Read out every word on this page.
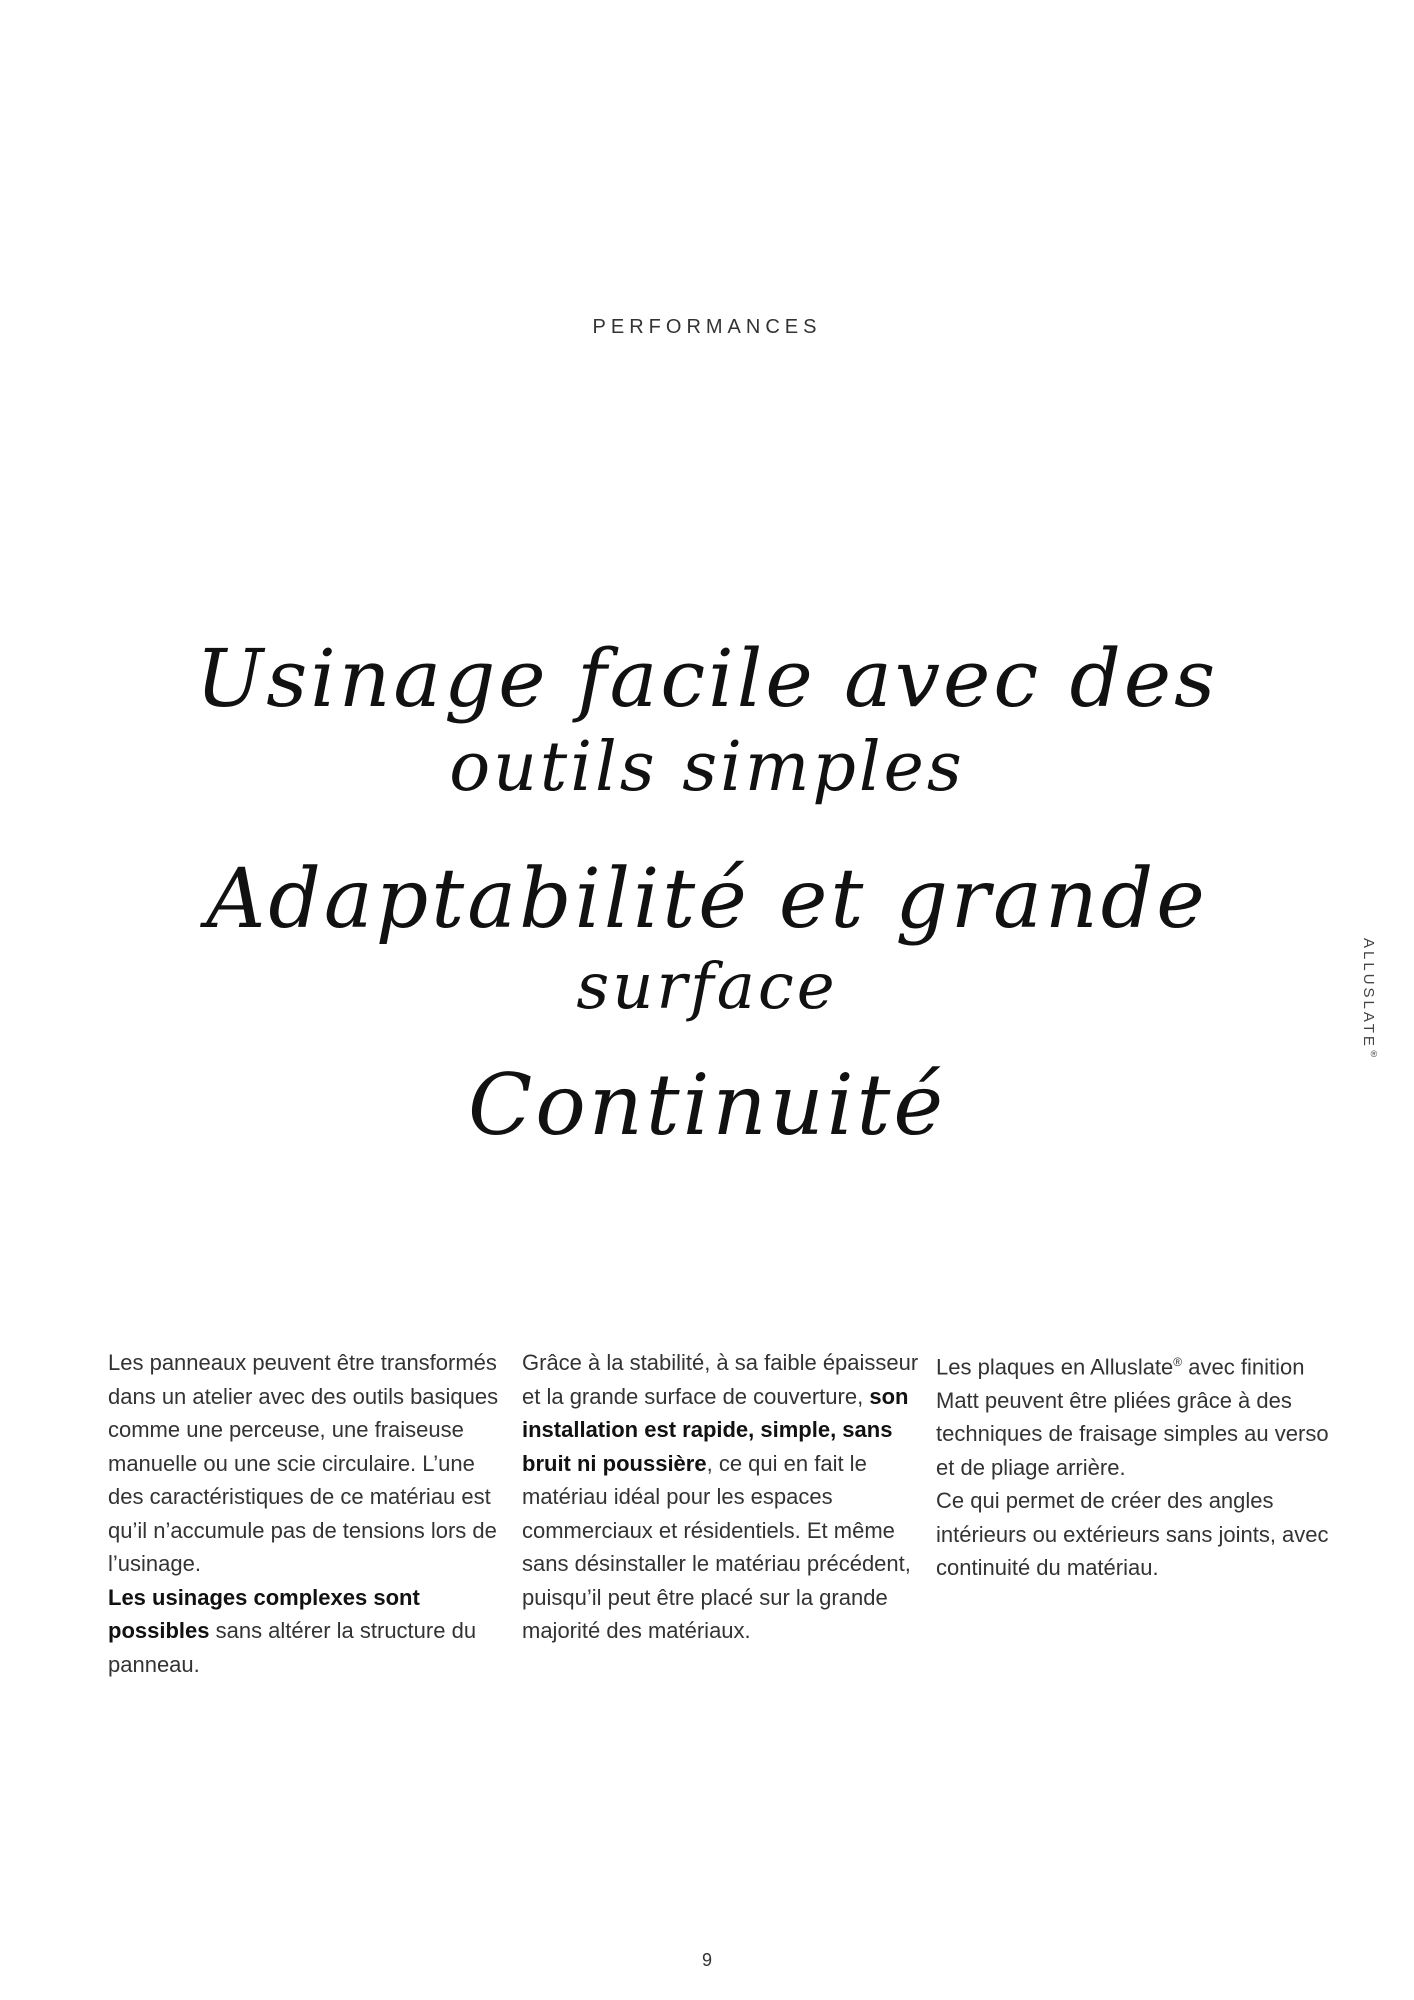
PERFORMANCES
Usinage facile avec des
outils simples
Adaptabilité et grande
surface
Continuité
Les panneaux peuvent être transformés dans un atelier avec des outils basiques comme une perceuse, une fraiseuse manuelle ou une scie circulaire. L’une des caractéristiques de ce matériau est qu’il n’accumule pas de tensions lors de l’usinage.
Les usinages complexes sont possibles sans altérer la structure du panneau.
Grâce à la stabilité, à sa faible épaisseur et la grande surface de couverture, son installation est rapide, simple, sans bruit ni poussière, ce qui en fait le matériau idéal pour les espaces commerciaux et résidentiels. Et même sans désinstaller le matériau précédent, puisqu’il peut être placé sur la grande majorité des matériaux.
Les plaques en Alluslate® avec finition Matt peuvent être pliées grâce à des techniques de fraisage simples au verso et de pliage arrière.
Ce qui permet de créer des angles intérieurs ou extérieurs sans joints, avec continuité du matériau.
ALLUSLATE®
9
